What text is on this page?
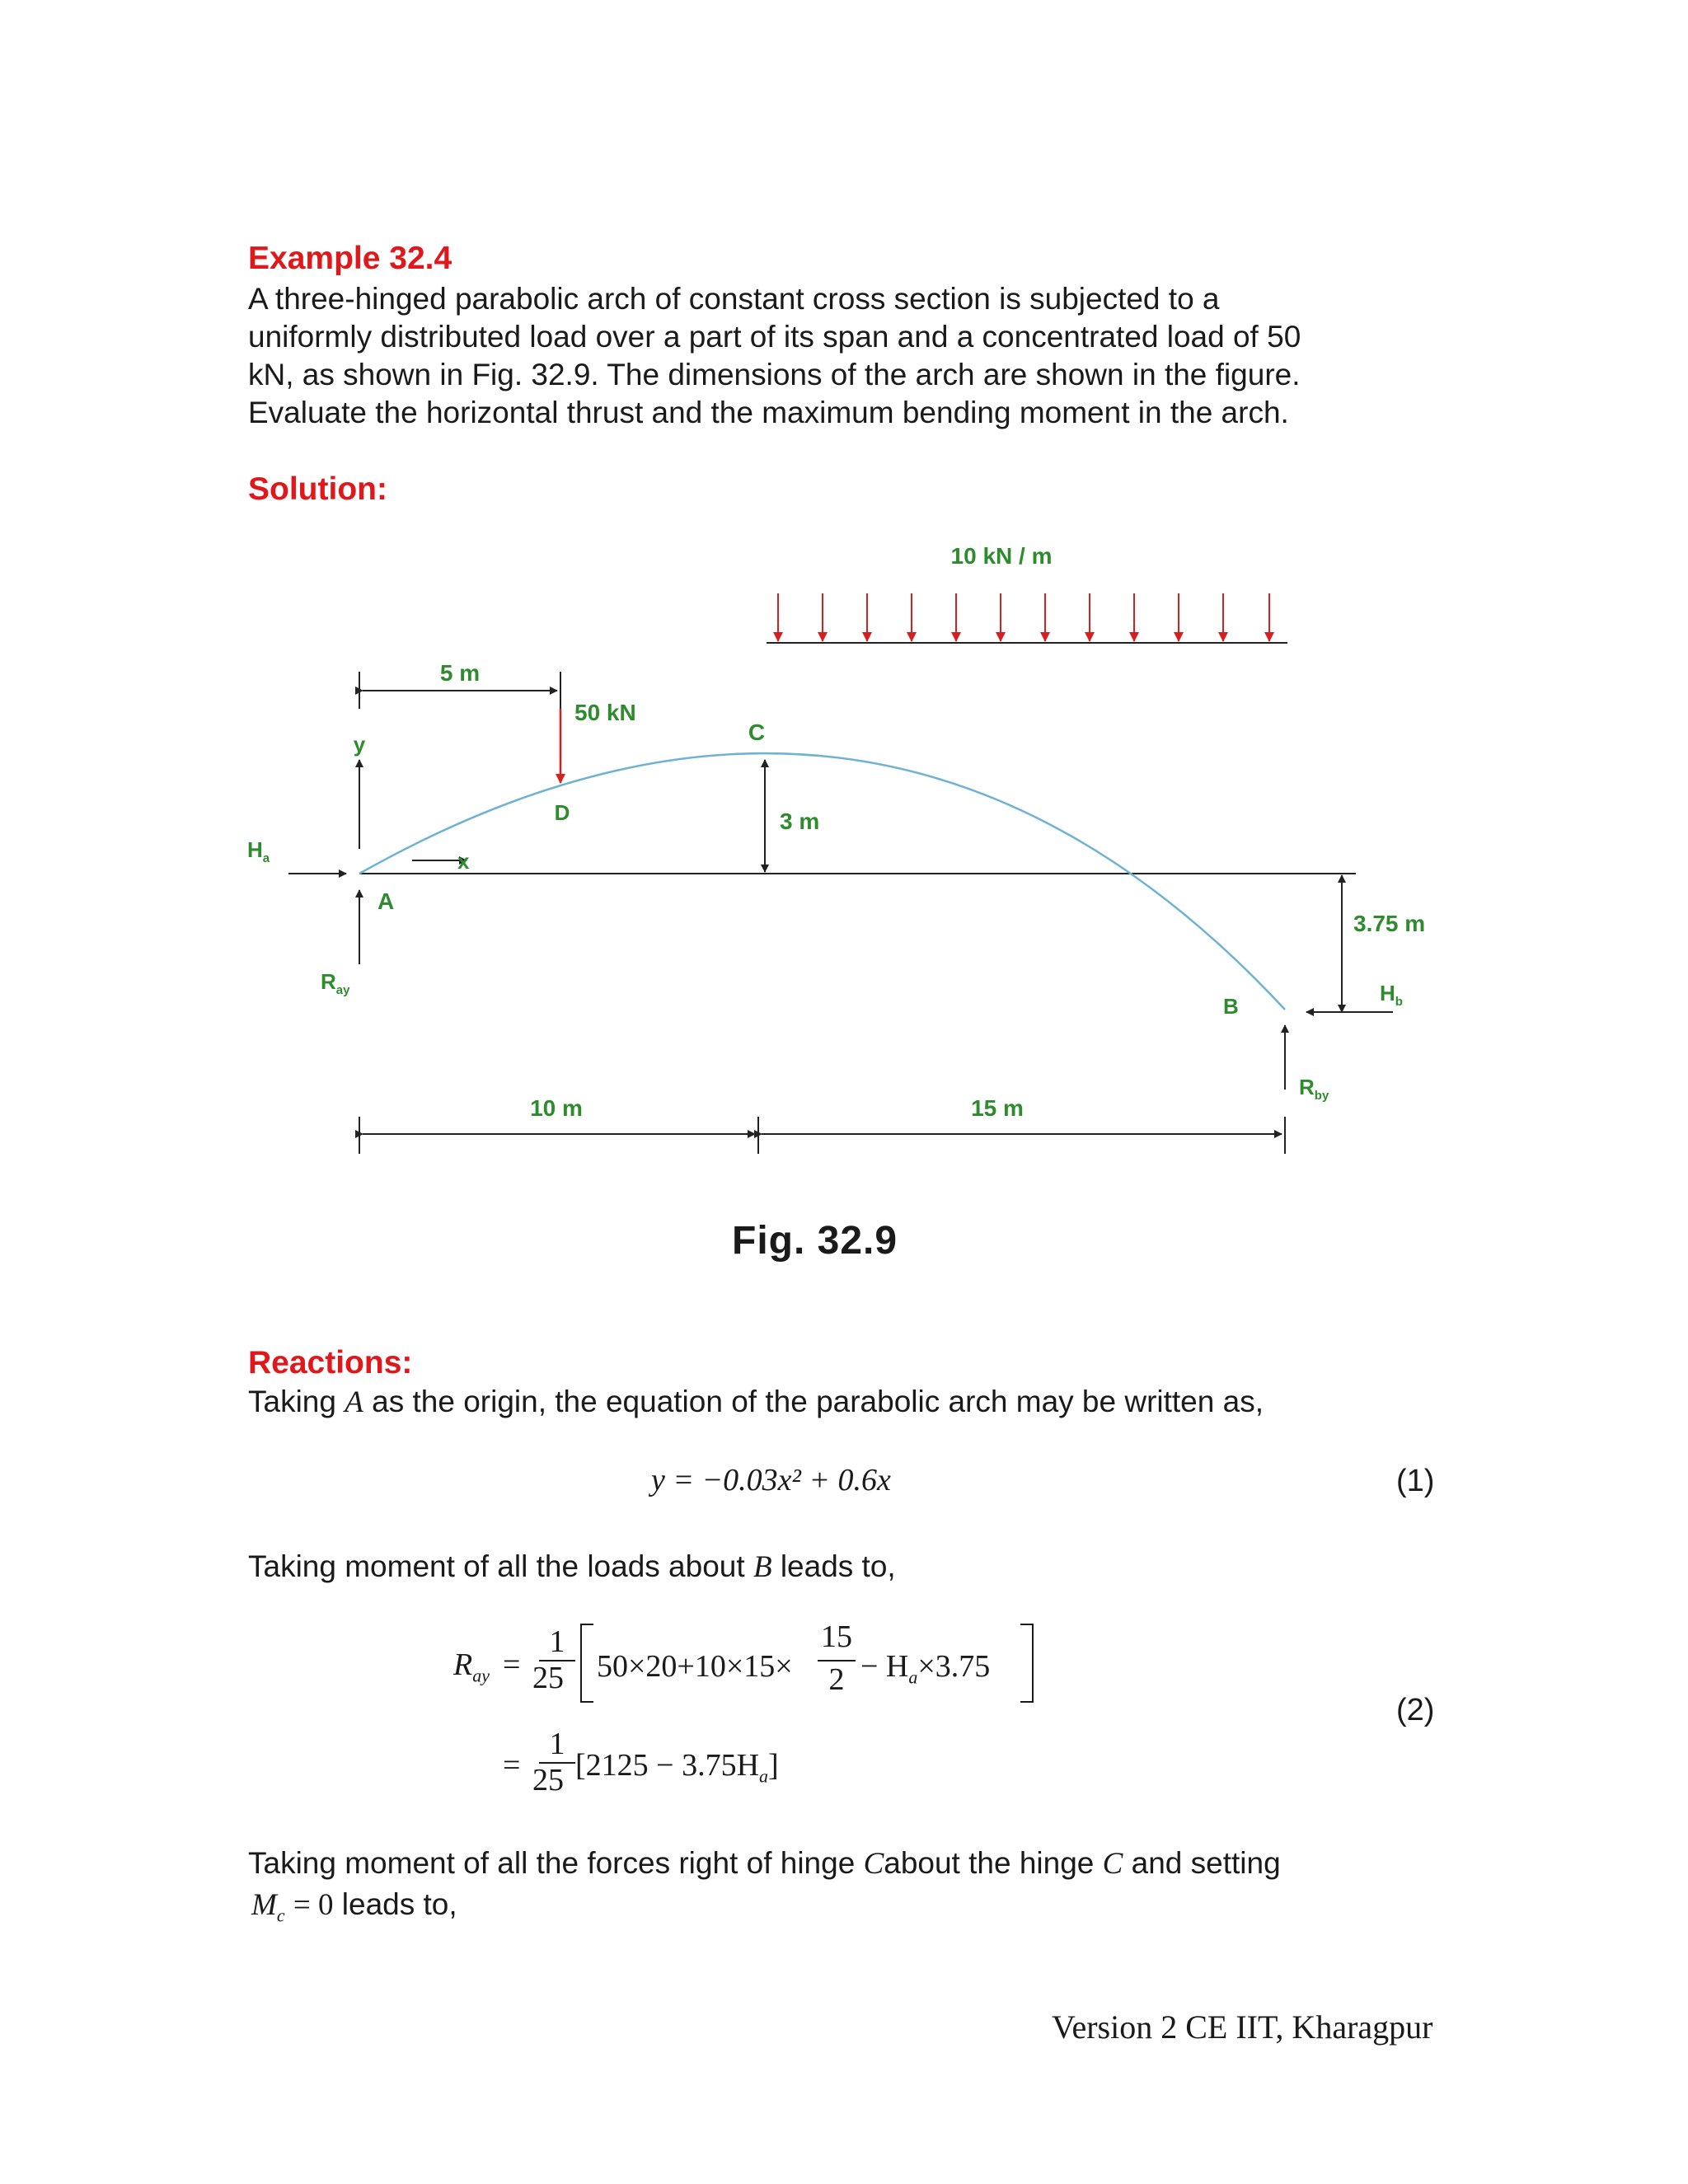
Example 32.4
A three-hinged parabolic arch of constant cross section is subjected to a
uniformly distributed load over a part of its span and a concentrated load of 50
kN, as shown in Fig. 32.9. The dimensions of the arch are shown in the figure.
Evaluate the horizontal thrust and the maximum bending moment in the arch.
Solution:
10 kN / m
5 m
50 kN
D
C
3 m
y
x
$H_a$
A
$R_{ay}$
3.75 m
$H_b$
B
$R_{by}$
10 m	15 m
Fig. 32.9
Reactions:
Taking A as the origin, the equation of the parabolic arch may be written as,
y = −0.03x² + 0.6x	(1)
Taking moment of all the loads about B leads to,
$R_{ay}$ =
1
25 50×20+10×15×
15
$2 - H_a\times 3.75$
=
1
25 $[2125 - 3.75H_a]$
(2)
Taking moment of all the forces right of hinge Cabout the hinge C and setting
$M_c = 0$ leads to,
Version 2 CE IIT, Kharagpur
